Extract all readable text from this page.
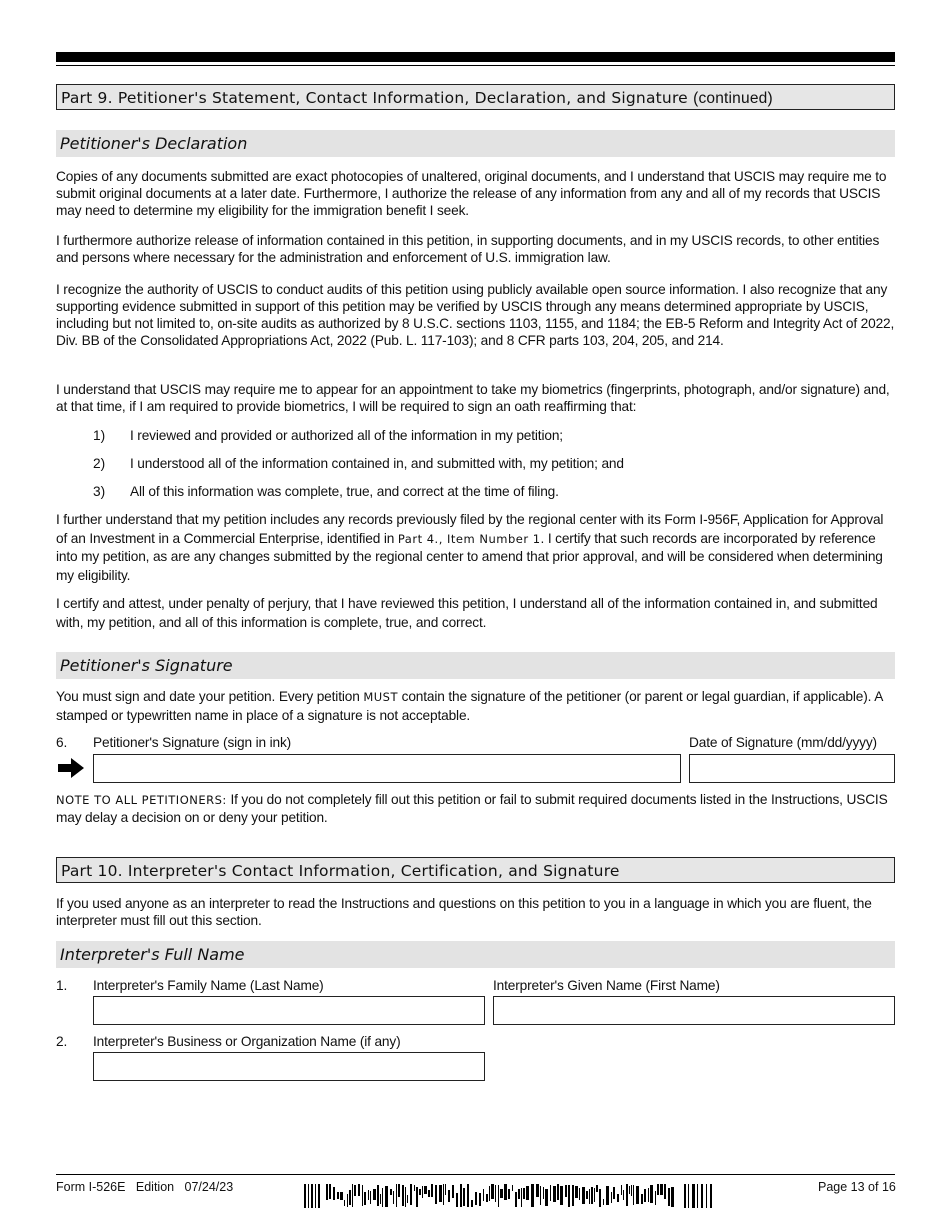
Part 9. Petitioner's Statement, Contact Information, Declaration, and Signature (continued)
Petitioner's Declaration
Copies of any documents submitted are exact photocopies of unaltered, original documents, and I understand that USCIS may require me to submit original documents at a later date. Furthermore, I authorize the release of any information from any and all of my records that USCIS may need to determine my eligibility for the immigration benefit I seek.
I furthermore authorize release of information contained in this petition, in supporting documents, and in my USCIS records, to other entities and persons where necessary for the administration and enforcement of U.S. immigration law.
I recognize the authority of USCIS to conduct audits of this petition using publicly available open source information. I also recognize that any supporting evidence submitted in support of this petition may be verified by USCIS through any means determined appropriate by USCIS, including but not limited to, on-site audits as authorized by 8 U.S.C. sections 1103, 1155, and 1184; the EB-5 Reform and Integrity Act of 2022, Div. BB of the Consolidated Appropriations Act, 2022 (Pub. L. 117-103); and 8 CFR parts 103, 204, 205, and 214.
I understand that USCIS may require me to appear for an appointment to take my biometrics (fingerprints, photograph, and/or signature) and, at that time, if I am required to provide biometrics, I will be required to sign an oath reaffirming that:
1) I reviewed and provided or authorized all of the information in my petition;
2) I understood all of the information contained in, and submitted with, my petition; and
3) All of this information was complete, true, and correct at the time of filing.
I further understand that my petition includes any records previously filed by the regional center with its Form I-956F, Application for Approval of an Investment in a Commercial Enterprise, identified in Part 4., Item Number 1. I certify that such records are incorporated by reference into my petition, as are any changes submitted by the regional center to amend that prior approval, and will be considered when determining my eligibility.
I certify and attest, under penalty of perjury, that I have reviewed this petition, I understand all of the information contained in, and submitted with, my petition, and all of this information is complete, true, and correct.
Petitioner's Signature
You must sign and date your petition. Every petition MUST contain the signature of the petitioner (or parent or legal guardian, if applicable). A stamped or typewritten name in place of a signature is not acceptable.
6. Petitioner's Signature (sign in ink)	Date of Signature (mm/dd/yyyy)
NOTE TO ALL PETITIONERS: If you do not completely fill out this petition or fail to submit required documents listed in the Instructions, USCIS may delay a decision on or deny your petition.
Part 10. Interpreter's Contact Information, Certification, and Signature
If you used anyone as an interpreter to read the Instructions and questions on this petition to you in a language in which you are fluent, the interpreter must fill out this section.
Interpreter's Full Name
1. Interpreter's Family Name (Last Name)	Interpreter's Given Name (First Name)
2. Interpreter's Business or Organization Name (if any)
Form I-526E   Edition   07/24/23	Page 13 of 16
